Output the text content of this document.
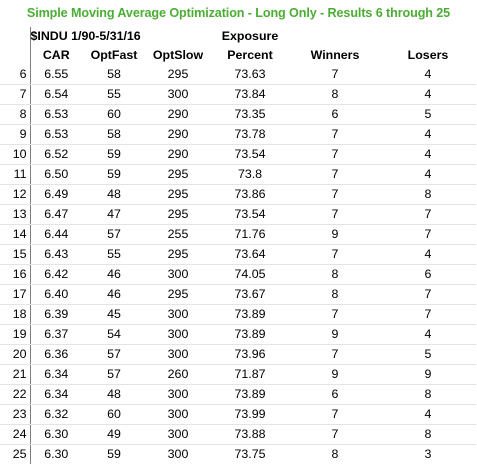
Simple Moving Average Optimization - Long Only - Results 6 through 25
	$INDU 1/90-5/31/16			Exposure		
	CAR	OptFast	OptSlow	Percent	Winners	Losers
6	6.55	58	295	73.63	7	4
7	6.54	55	300	73.84	8	4
8	6.53	60	290	73.35	6	5
9	6.53	58	290	73.78	7	4
10	6.52	59	290	73.54	7	4
11	6.50	59	295	73.8	7	4
12	6.49	48	295	73.86	7	8
13	6.47	47	295	73.54	7	7
14	6.44	57	255	71.76	9	7
15	6.43	55	295	73.64	7	4
16	6.42	46	300	74.05	8	6
17	6.40	46	295	73.67	8	7
18	6.39	45	300	73.89	7	7
19	6.37	54	300	73.89	9	4
20	6.36	57	300	73.96	7	5
21	6.34	57	260	71.87	9	9
22	6.34	48	300	73.89	6	8
23	6.32	60	300	73.99	7	4
24	6.30	49	300	73.88	7	8
25	6.30	59	300	73.75	8	3
